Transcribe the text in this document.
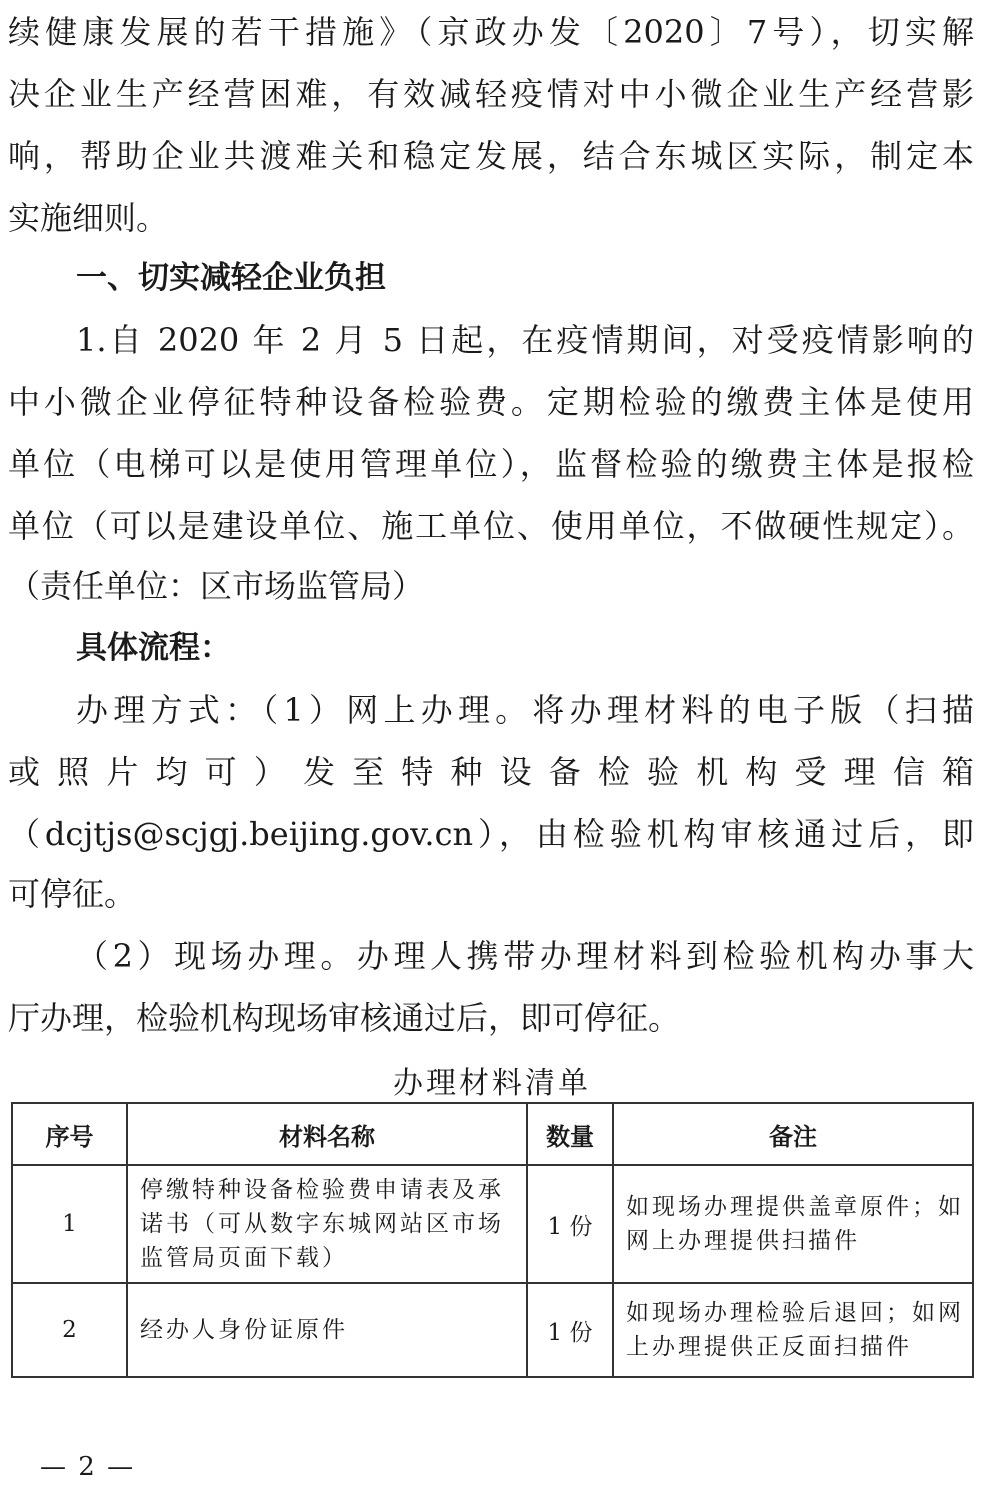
续健康发展的若干措施》（京政办发〔2020〕7号），切实解
决企业生产经营困难，有效减轻疫情对中小微企业生产经营影
响，帮助企业共渡难关和稳定发展，结合东城区实际，制定本
实施细则。
一、切实减轻企业负担
1.自 2020 年 2 月 5 日起，在疫情期间，对受疫情影响的
中小微企业停征特种设备检验费。定期检验的缴费主体是使用
单位（电梯可以是使用管理单位），监督检验的缴费主体是报检
单位（可以是建设单位、施工单位、使用单位，不做硬性规定）。
（责任单位：区市场监管局）
具体流程：
办理方式：（1）网上办理。将办理材料的电子版（扫描
或照片均可）发至特种设备检验机构受理信箱
（dcjtjs@scjgj.beijing.gov.cn），由检验机构审核通过后，即
可停征。
（2）现场办理。办理人携带办理材料到检验机构办事大
厅办理，检验机构现场审核通过后，即可停征。
办理材料清单
序号	材料名称	数量	备注
1	停缴特种设备检验费申请表及承诺书（可从数字东城网站区市场监管局页面下载）	1 份	如现场办理提供盖章原件；如网上办理提供扫描件
2	经办人身份证原件	1 份	如现场办理检验后退回；如网上办理提供正反面扫描件
— 2 —
